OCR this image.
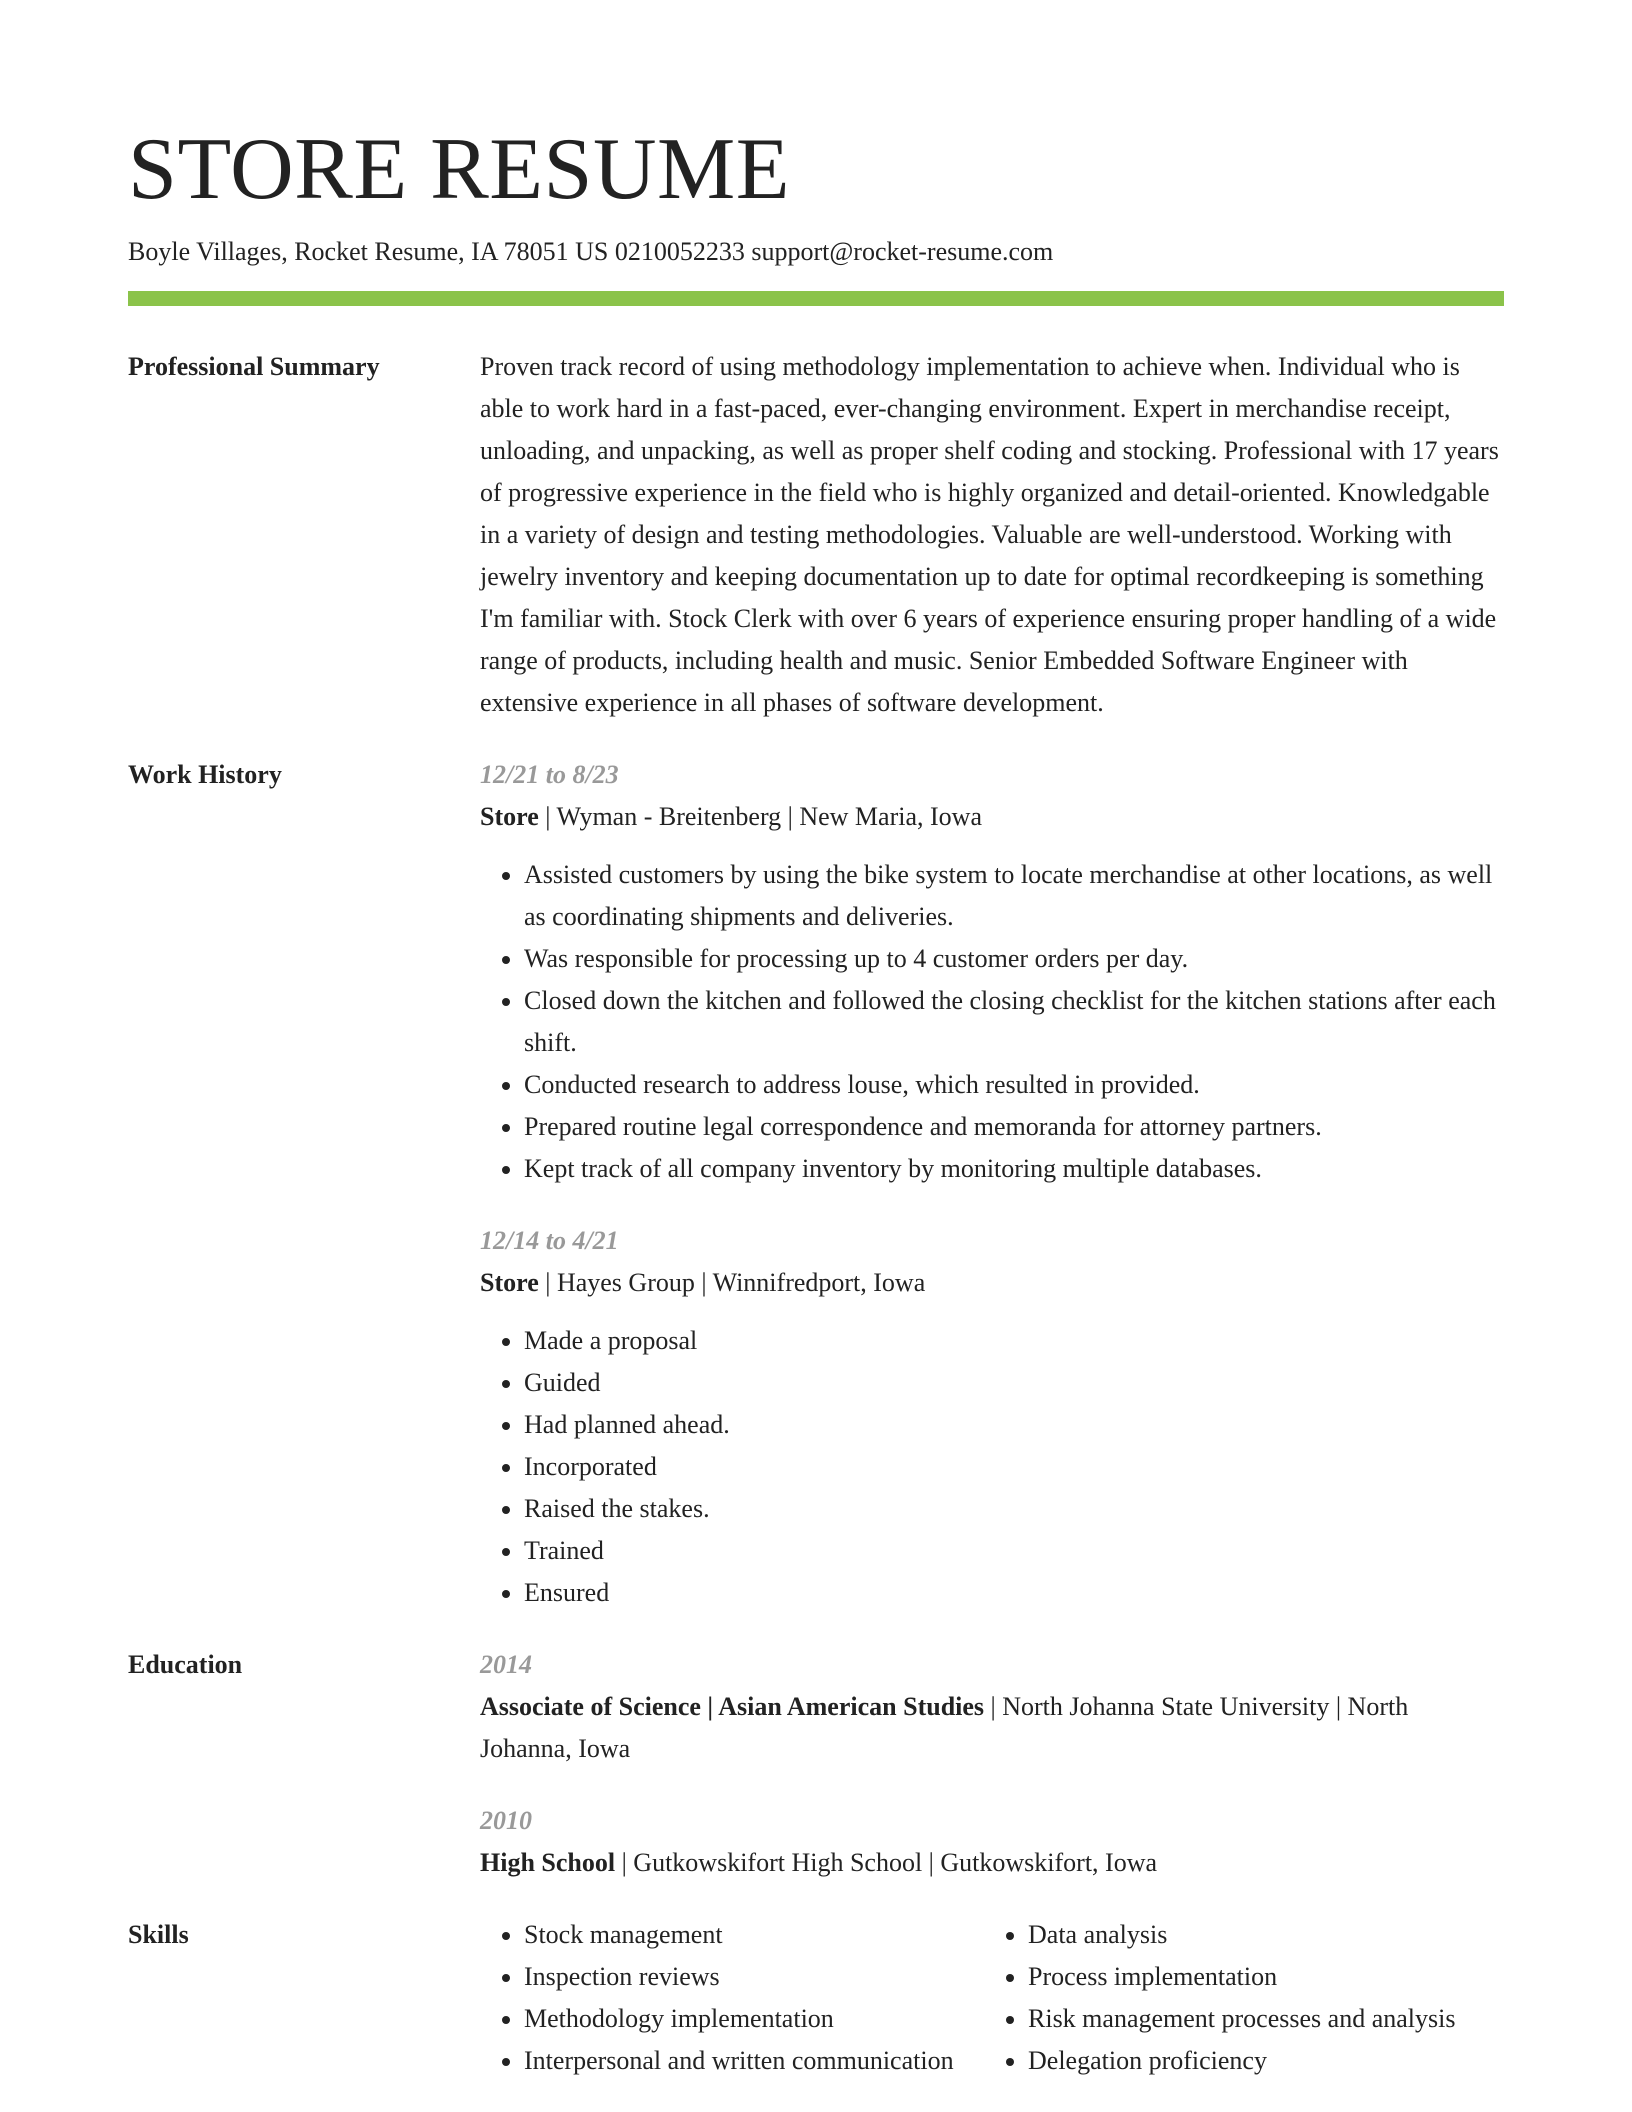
STORE RESUME
Boyle Villages, Rocket Resume, IA 78051 US 0210052233 support@rocket-resume.com
Professional Summary	Proven track record of using methodology implementation to achieve when. Individual who is able to work hard in a fast-paced, ever-changing environment. Expert in merchandise receipt, unloading, and unpacking, as well as proper shelf coding and stocking. Professional with 17 years of progressive experience in the field who is highly organized and detail-oriented. Knowledgable in a variety of design and testing methodologies. Valuable are well-understood. Working with jewelry inventory and keeping documentation up to date for optimal recordkeeping is something I'm familiar with. Stock Clerk with over 6 years of experience ensuring proper handling of a wide range of products, including health and music. Senior Embedded Software Engineer with extensive experience in all phases of software development.

Work History	12/21 to 8/23
Store | Wyman - Breitenberg | New Maria, Iowa
• Assisted customers by using the bike system to locate merchandise at other locations, as well as coordinating shipments and deliveries.
• Was responsible for processing up to 4 customer orders per day.
• Closed down the kitchen and followed the closing checklist for the kitchen stations after each shift.
• Conducted research to address louse, which resulted in provided.
• Prepared routine legal correspondence and memoranda for attorney partners.
• Kept track of all company inventory by monitoring multiple databases.
12/14 to 4/21
Store | Hayes Group | Winnifredport, Iowa
• Made a proposal
• Guided
• Had planned ahead.
• Incorporated
• Raised the stakes.
• Trained
• Ensured
Education	2014
Associate of Science | Asian American Studies | North Johanna State University | North Johanna, Iowa
2010
High School | Gutkowskifort High School | Gutkowskifort, Iowa
Skills
•	Stock management
• Inspection reviews
• Methodology implementation
• Interpersonal and written communication
• Data analysis
• Process implementation
• Risk management processes and analysis
• Delegation proficiency
